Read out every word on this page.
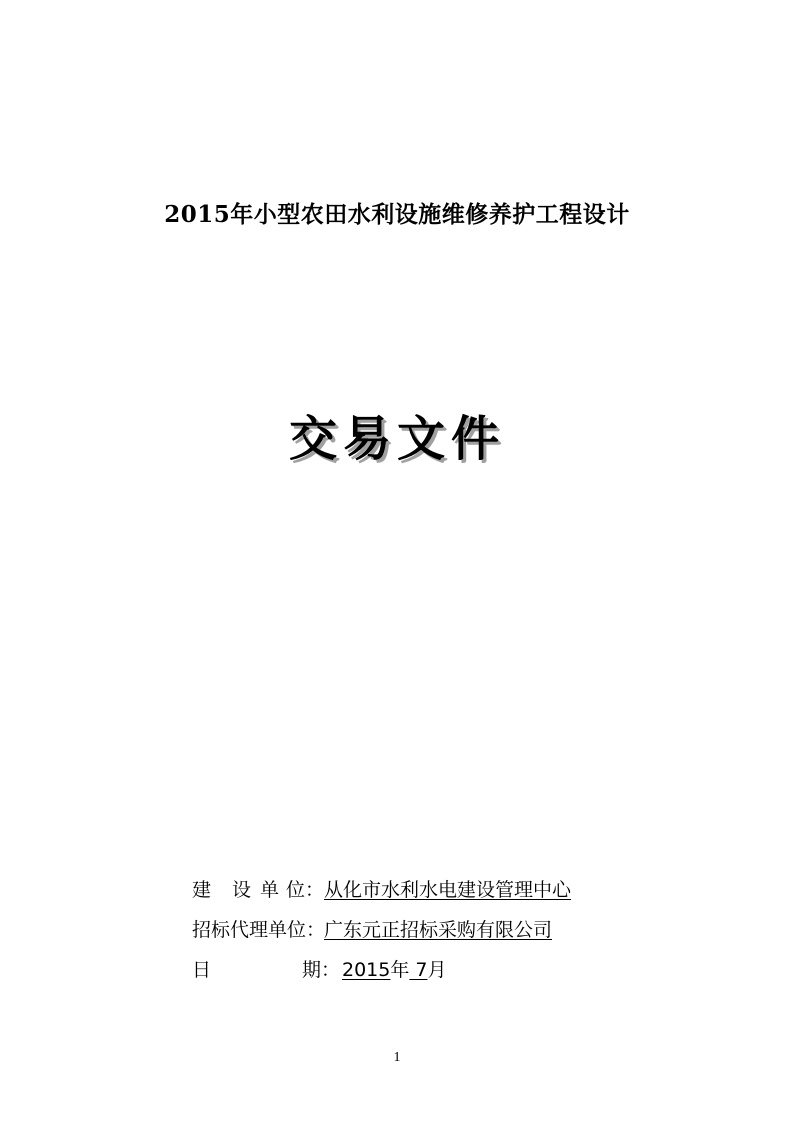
2015年小型农田水利设施维修养护工程设计
交易文件
建 设 单 位：从化市水利水电建设管理中心
招标代理单位：广东元正招标采购有限公司
日	期： 2015年 7月
1
